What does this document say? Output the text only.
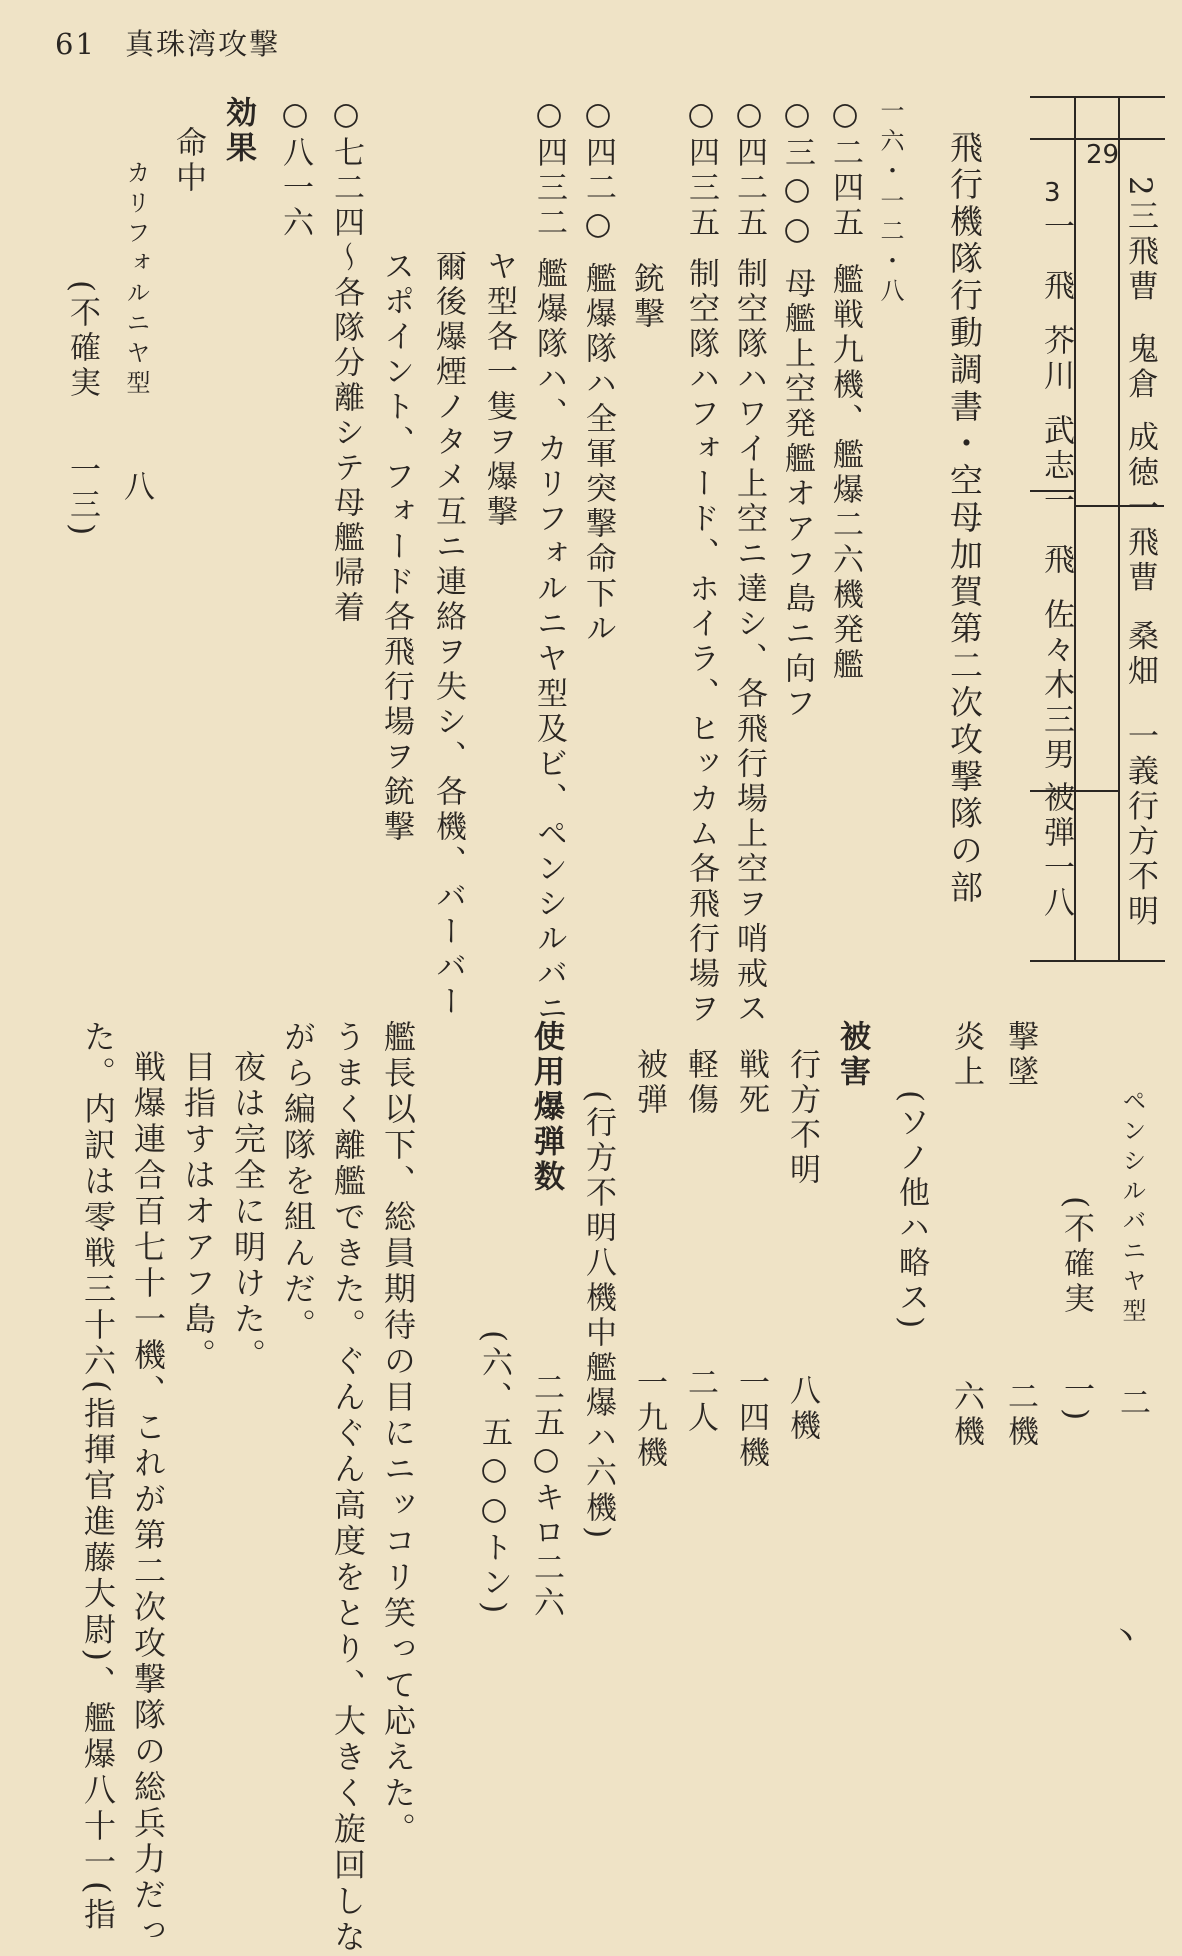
61 真珠湾攻撃
29
3 2三飛曹鬼倉成徳一飛曹桑畑一義行方不明
一飛芥川武志一飛佐々木三男被弾一八
飛行機隊行動調書・空母加賀第二次攻撃隊の部
一六・一二・八
○二四五艦戦九機、艦爆二六機発艦
○三○○母艦上空発艦オアフ島ニ向フ
○四二五制空隊ハワイ上空ニ達シ、各飛行場上空ヲ哨戒ス
○四三五制空隊ハフォード、ホイラ、ヒッカム各飛行場ヲ
銃撃
○四二○艦爆隊ハ全軍突撃命下ル
○四三二艦爆隊ハ、カリフォルニヤ型及ビ、ペンシルバニ
ヤ型各一隻ヲ爆撃
爾後爆煙ノタメ互ニ連絡ヲ失シ、各機、バーバー
スポイント、フォード各飛行場ヲ銃撃
○七二四～各隊分離シテ母艦帰着
○八一六
効果
命中
カリフォルニヤ型八
(不確実一三)
ペンシルバニヤ型二
(不確実一)
撃墜二機
炎上六機
(ソノ他ハ略ス)
被害
行方不明八機
戦死一四機
軽傷二人
被弾一九機
(行方不明八機中艦爆ハ六機)
使用爆弾数二五○キロ二六
(六、五○○トン)
艦長以下、総員期待の目にニッコリ笑って応えた。
うまく離艦できた。ぐんぐん高度をとり、大きく旋回しな
がら編隊を組んだ。
夜は完全に明けた。
目指すはオアフ島。
戦爆連合百七十一機、これが第二次攻撃隊の総兵力だっ
た。内訳は零戦三十六(指揮官進藤大尉)、艦爆八十一(指	丶
